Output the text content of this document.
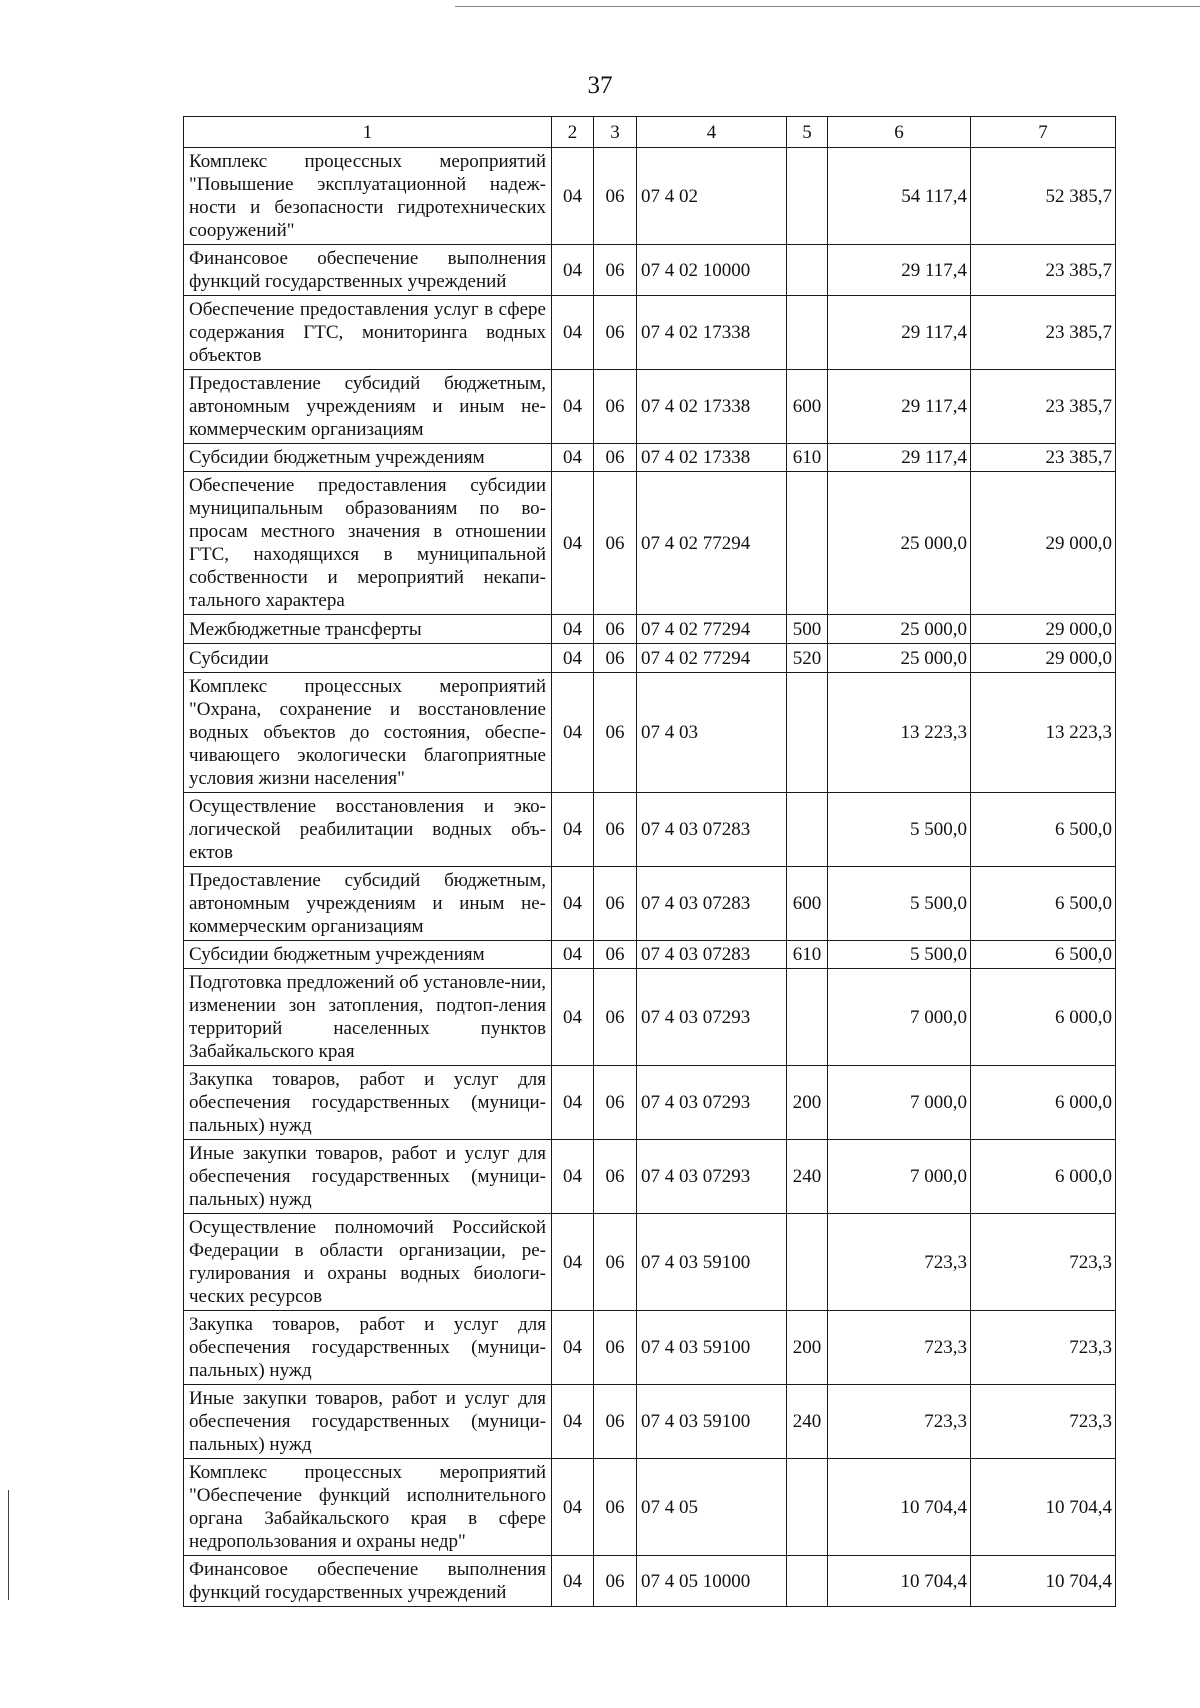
37
1	2	3	4	5	6	7
Комплекс процессных мероприятий "Повышение эксплуатационной надеж-ности и безопасности гидротехнических сооружений"	04	06	07 4 02		54 117,4	52 385,7
Финансовое обеспечение выполнения функций государственных учреждений	04	06	07 4 02 10000		29 117,4	23 385,7
Обеспечение предоставления услуг в сфере содержания ГТС, мониторинга водных объектов	04	06	07 4 02 17338		29 117,4	23 385,7
Предоставление субсидий бюджетным, автономным учреждениям и иным не-коммерческим организациям	04	06	07 4 02 17338	600	29 117,4	23 385,7
Субсидии бюджетным учреждениям	04	06	07 4 02 17338	610	29 117,4	23 385,7
Обеспечение предоставления субсидии муниципальным образованиям по во-просам местного значения в отношении ГТС, находящихся в муниципальной собственности и мероприятий некапи-тального характера	04	06	07 4 02 77294		25 000,0	29 000,0
Межбюджетные трансферты	04	06	07 4 02 77294	500	25 000,0	29 000,0
Субсидии	04	06	07 4 02 77294	520	25 000,0	29 000,0
Комплекс процессных мероприятий "Охрана, сохранение и восстановление водных объектов до состояния, обеспе-чивающего экологически благоприятные условия жизни населения"	04	06	07 4 03		13 223,3	13 223,3
Осуществление восстановления и эко-логической реабилитации водных объ-ектов	04	06	07 4 03 07283		5 500,0	6 500,0
Предоставление субсидий бюджетным, автономным учреждениям и иным не-коммерческим организациям	04	06	07 4 03 07283	600	5 500,0	6 500,0
Субсидии бюджетным учреждениям	04	06	07 4 03 07283	610	5 500,0	6 500,0
Подготовка предложений об установле-нии, изменении зон затопления, подтоп-ления территорий населенных пунктов Забайкальского края	04	06	07 4 03 07293		7 000,0	6 000,0
Закупка товаров, работ и услуг для обеспечения государственных (муници-пальных) нужд	04	06	07 4 03 07293	200	7 000,0	6 000,0
Иные закупки товаров, работ и услуг для обеспечения государственных (муници-пальных) нужд	04	06	07 4 03 07293	240	7 000,0	6 000,0
Осуществление полномочий Российской Федерации в области организации, ре-гулирования и охраны водных биологи-ческих ресурсов	04	06	07 4 03 59100		723,3	723,3
Закупка товаров, работ и услуг для обеспечения государственных (муници-пальных) нужд	04	06	07 4 03 59100	200	723,3	723,3
Иные закупки товаров, работ и услуг для обеспечения государственных (муници-пальных) нужд	04	06	07 4 03 59100	240	723,3	723,3
Комплекс процессных мероприятий "Обеспечение функций исполнительного органа Забайкальского края в сфере недропользования и охраны недр"	04	06	07 4 05		10 704,4	10 704,4
Финансовое обеспечение выполнения функций государственных учреждений	04	06	07 4 05 10000		10 704,4	10 704,4
